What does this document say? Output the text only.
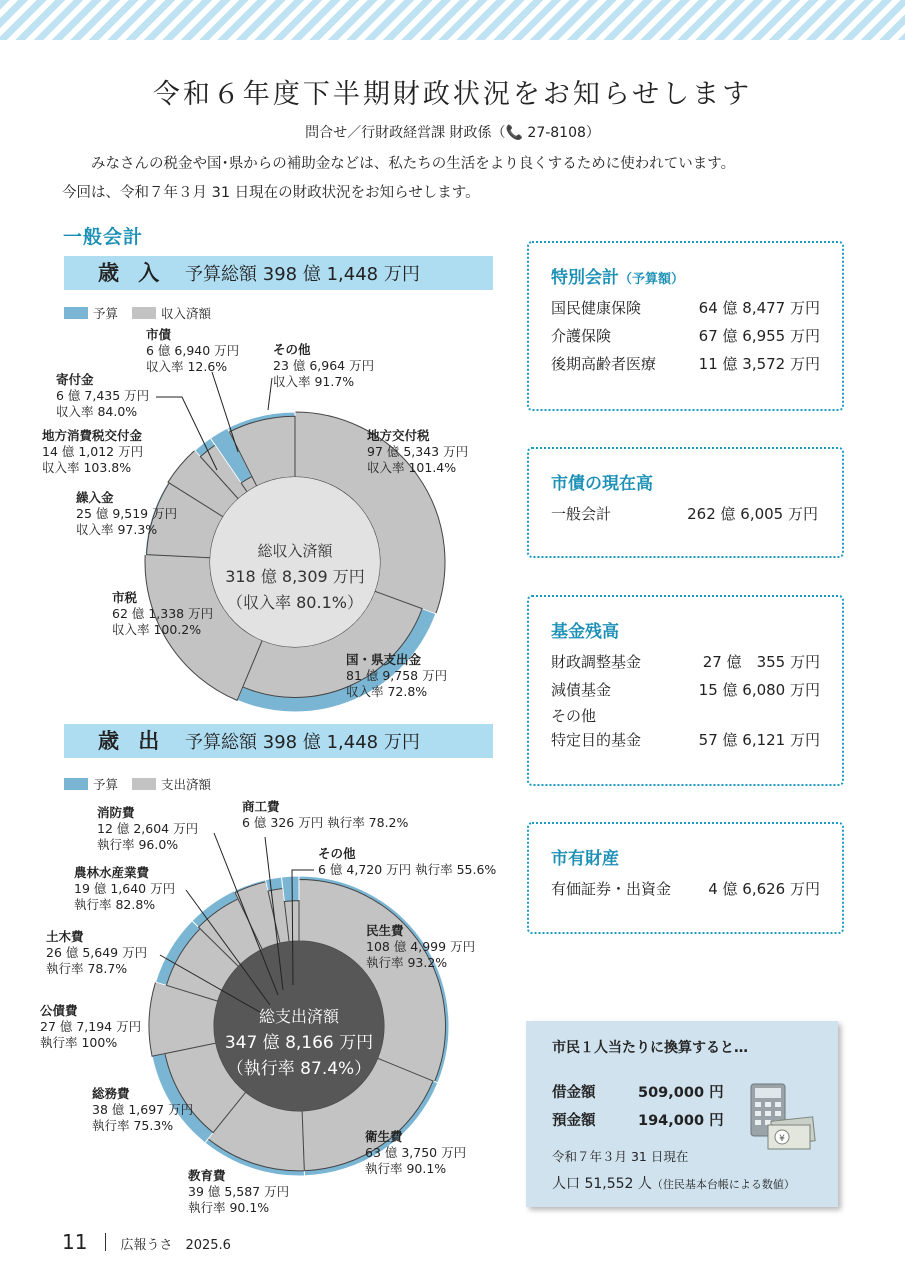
令和６年度下半期財政状況をお知らせします
問合せ／行財政経営課 財政係（📞 27-8108）

みなさんの税金や国･県からの補助金などは、私たちの生活をより良くするために使われています。

今回は、令和７年３月 31 日現在の財政状況をお知らせします。

一般会計
歳 入 予算総額 398 億 1,448 万円
予算	収入済額
総収入済額
318 億 8,309 万円
（収入率 80.1%）
地方交付税 97 億 5,343 万円収入率 101.4%
国・県支出金 81 億 9,758 万円収入率 72.8%
市税 62 億 1,338 万円収入率 100.2%
繰入金 25 億 9,519 万円収入率 97.3%
地方消費税交付金 14 億 1,012 万円収入率 103.8%
寄付金 6 億 7,435 万円収入率 84.0%
市債 6 億 6,940 万円収入率 12.6%
その他 23 億 6,964 万円収入率 91.7%
歳 出 予算総額 398 億 1,448 万円
予算	支出済額
総支出済額
347 億 8,166 万円
（執行率 87.4%）
民生費 108 億 4,999 万円執行率 93.2%
衛生費 63 億 3,750 万円執行率 90.1%
教育費 39 億 5,587 万円執行率 90.1%
総務費 38 億 1,697 万円執行率 75.3%
公債費 27 億 7,194 万円執行率 100%
土木費 26 億 5,649 万円執行率 78.7%
農林水産業費 19 億 1,640 万円執行率 82.8%
消防費 12 億 2,604 万円執行率 96.0%
商工費 6 億 326 万円 執行率 78.2%
その他 6 億 4,720 万円 執行率 55.6%
特別会計（予算額）
国民健康保険	64 億 8,477 万円
介護保険	67 億 6,955 万円
後期高齢者医療	11 億 3,572 万円
市債の現在高
一般会計	262 億 6,005 万円
基金残高
財政調整基金	27 億　355 万円
減債基金	15 億 6,080 万円
その他
特定目的基金	57 億 6,121 万円
市有財産
有価証券・出資金 4 億 6,626 万円
市民１人当たりに換算すると…
借金額	509,000 円
預金額	194,000 円
令和７年３月 31 日現在
人口 51,552 人（住民基本台帳による数値）
¥
11	広報うさ　2025.6
